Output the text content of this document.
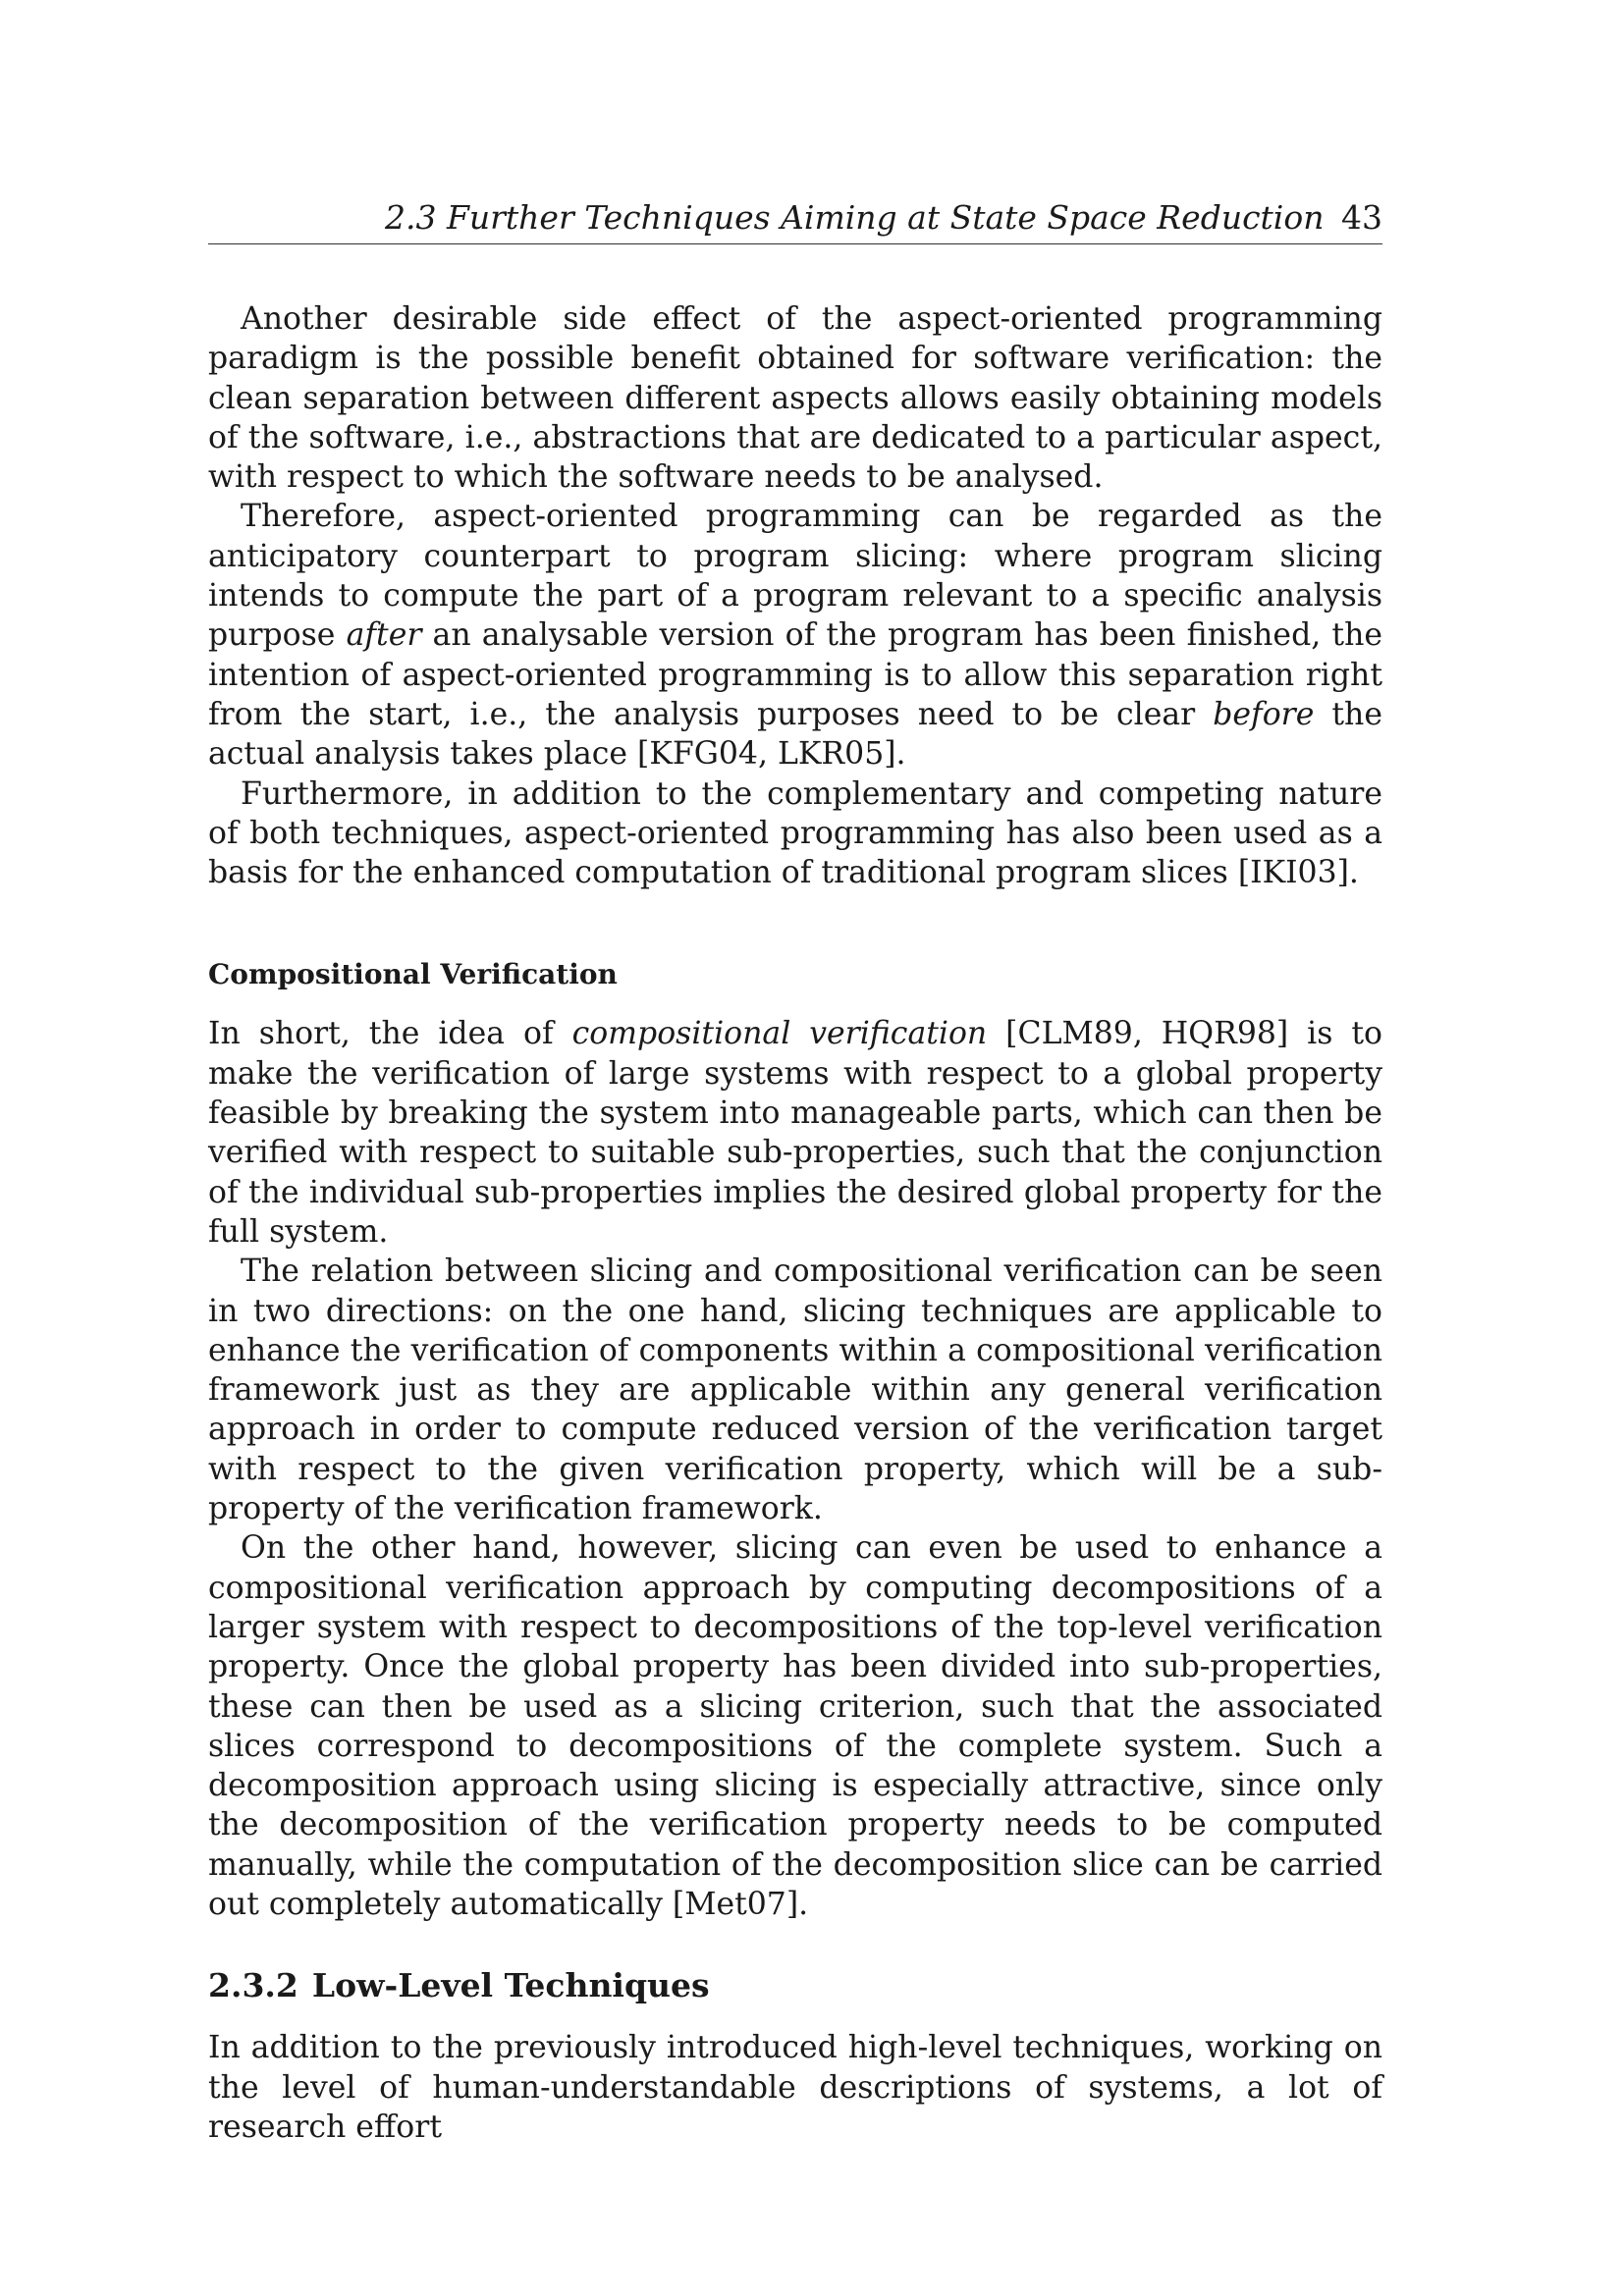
2.3 Further Techniques Aiming at State Space Reduction 43

Another desirable side effect of the aspect-oriented programming paradigm is the possible benefit obtained for software verification: the clean separation between different aspects allows easily obtaining models of the software, i.e., abstractions that are dedicated to a particular aspect, with respect to which the software needs to be analysed.

Therefore, aspect-oriented programming can be regarded as the anticipatory counterpart to program slicing: where program slicing intends to compute the part of a program relevant to a specific analysis purpose after an analysable version of the program has been finished, the intention of aspect-oriented programming is to allow this separation right from the start, i.e., the analysis purposes need to be clear before the actual analysis takes place [KFG04, LKR05].

Furthermore, in addition to the complementary and competing nature of both techniques, aspect-oriented programming has also been used as a basis for the enhanced computation of traditional program slices [IKI03].

Compositional Verification

In short, the idea of compositional verification [CLM89, HQR98] is to make the verification of large systems with respect to a global property feasible by breaking the system into manageable parts, which can then be verified with respect to suitable sub-properties, such that the conjunction of the individual sub-properties implies the desired global property for the full system.

The relation between slicing and compositional verification can be seen in two directions: on the one hand, slicing techniques are applicable to enhance the verification of components within a compositional verification framework just as they are applicable within any general verification approach in order to compute reduced version of the verification target with respect to the given verification property, which will be a sub-property of the verification framework.

On the other hand, however, slicing can even be used to enhance a compositional verification approach by computing decompositions of a larger system with respect to decompositions of the top-level verification property. Once the global property has been divided into sub-properties, these can then be used as a slicing criterion, such that the associated slices correspond to decompositions of the complete system. Such a decomposition approach using slicing is especially attractive, since only the decomposition of the verification property needs to be computed manually, while the computation of the decomposition slice can be carried out completely automatically [Met07].

2.3.2 Low-Level Techniques

In addition to the previously introduced high-level techniques, working on the level of human-understandable descriptions of systems, a lot of research effort
